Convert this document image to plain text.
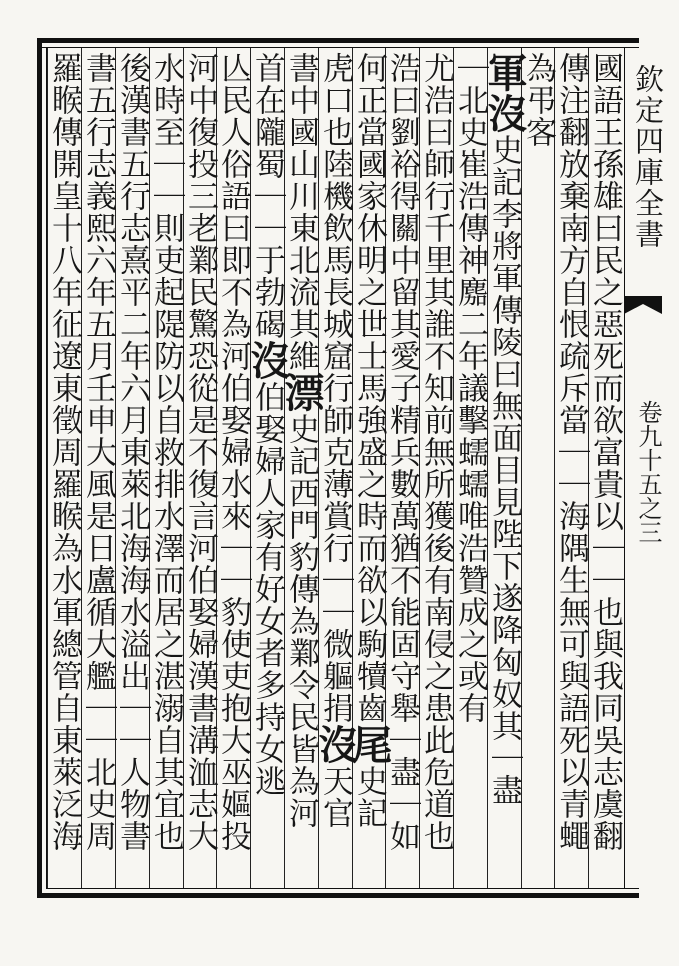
欽定四庫全書
卷九十五之三
國語王孫雄曰民之惡死而欲富貴以｜｜也與我同吳志虞翻
傳注翻放棄南方自恨疏斥當｜｜海隅生無可與語死以青蠅
為弔客
軍沒史記李將軍傳陵曰無面目見陛下遂降匈奴其｜盡
｜北史崔浩傳神䴥二年議擊蠕蠕唯浩贊成之或有
尤浩曰師行千里其誰不知前無所獲後有南侵之患此危道也
浩曰劉裕得關中留其愛子精兵數萬猶不能固守舉｜盡｜如
何正當國家休明之世士馬強盛之時而欲以駒犢齒尾史記
虎口也陸機飲馬長城窟行師克薄賞行｜｜微軀捐沒天官
書中國山川東北流其維漂史記西門豹傳為鄴令民皆為河
首在隴蜀｜｜于勃碣沒伯娶婦人家有好女者多持女逃
亾民人俗語曰即不為河伯娶婦水來｜｜豹使吏抱大巫嫗投
河中復投三老鄴民驚恐從是不復言河伯娶婦漢書溝洫志大
水時至｜｜則吏起隄防以自救排水澤而居之湛溺自其宜也
後漢書五行志熹平二年六月東萊北海海水溢出｜｜人物書
書五行志義熙六年五月壬申大風是日盧循大艦｜｜北史周
羅睺傳開皇十八年征遼東徵周羅睺為水軍總管自東萊泛海
